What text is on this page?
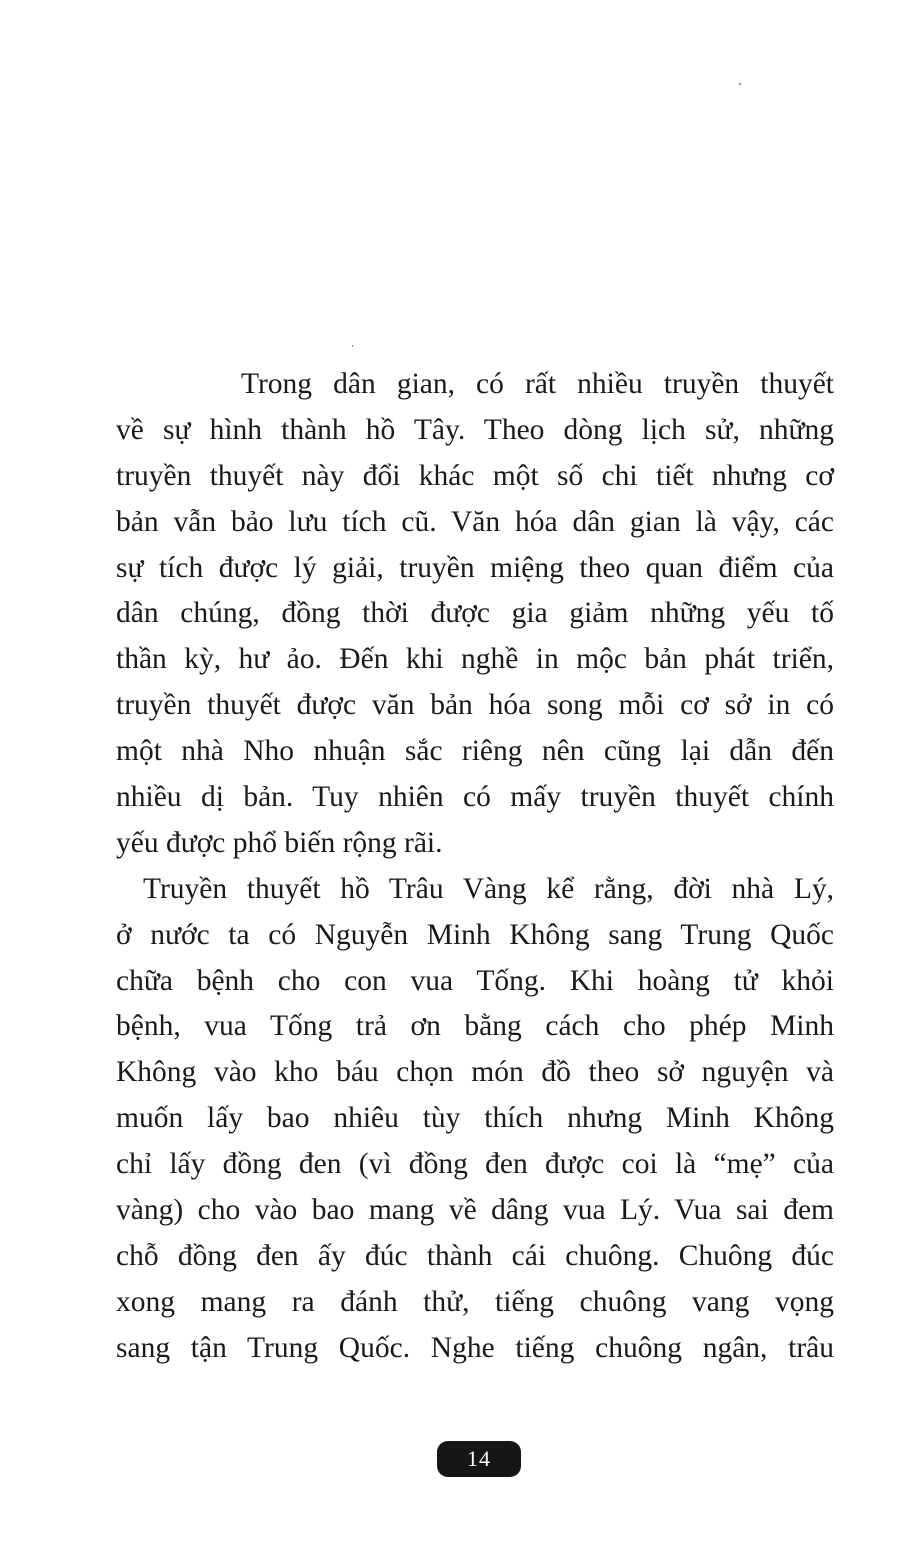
Trong dân gian, có rất nhiều truyền thuyết
về sự hình thành hồ Tây. Theo dòng lịch sử, những
truyền thuyết này đổi khác một số chi tiết nhưng cơ
bản vẫn bảo lưu tích cũ. Văn hóa dân gian là vậy, các
sự tích được lý giải, truyền miệng theo quan điểm của
dân chúng, đồng thời được gia giảm những yếu tố
thần kỳ, hư ảo. Đến khi nghề in mộc bản phát triển,
truyền thuyết được văn bản hóa song mỗi cơ sở in có
một nhà Nho nhuận sắc riêng nên cũng lại dẫn đến
nhiều dị bản. Tuy nhiên có mấy truyền thuyết chính
yếu được phổ biến rộng rãi.
Truyền thuyết hồ Trâu Vàng kể rằng, đời nhà Lý,
ở nước ta có Nguyễn Minh Không sang Trung Quốc
chữa bệnh cho con vua Tống. Khi hoàng tử khỏi
bệnh, vua Tống trả ơn bằng cách cho phép Minh
Không vào kho báu chọn món đồ theo sở nguyện và
muốn lấy bao nhiêu tùy thích nhưng Minh Không
chỉ lấy đồng đen (vì đồng đen được coi là “mẹ” của
vàng) cho vào bao mang về dâng vua Lý. Vua sai đem
chỗ đồng đen ấy đúc thành cái chuông. Chuông đúc
xong mang ra đánh thử, tiếng chuông vang vọng
sang tận Trung Quốc. Nghe tiếng chuông ngân, trâu
14
